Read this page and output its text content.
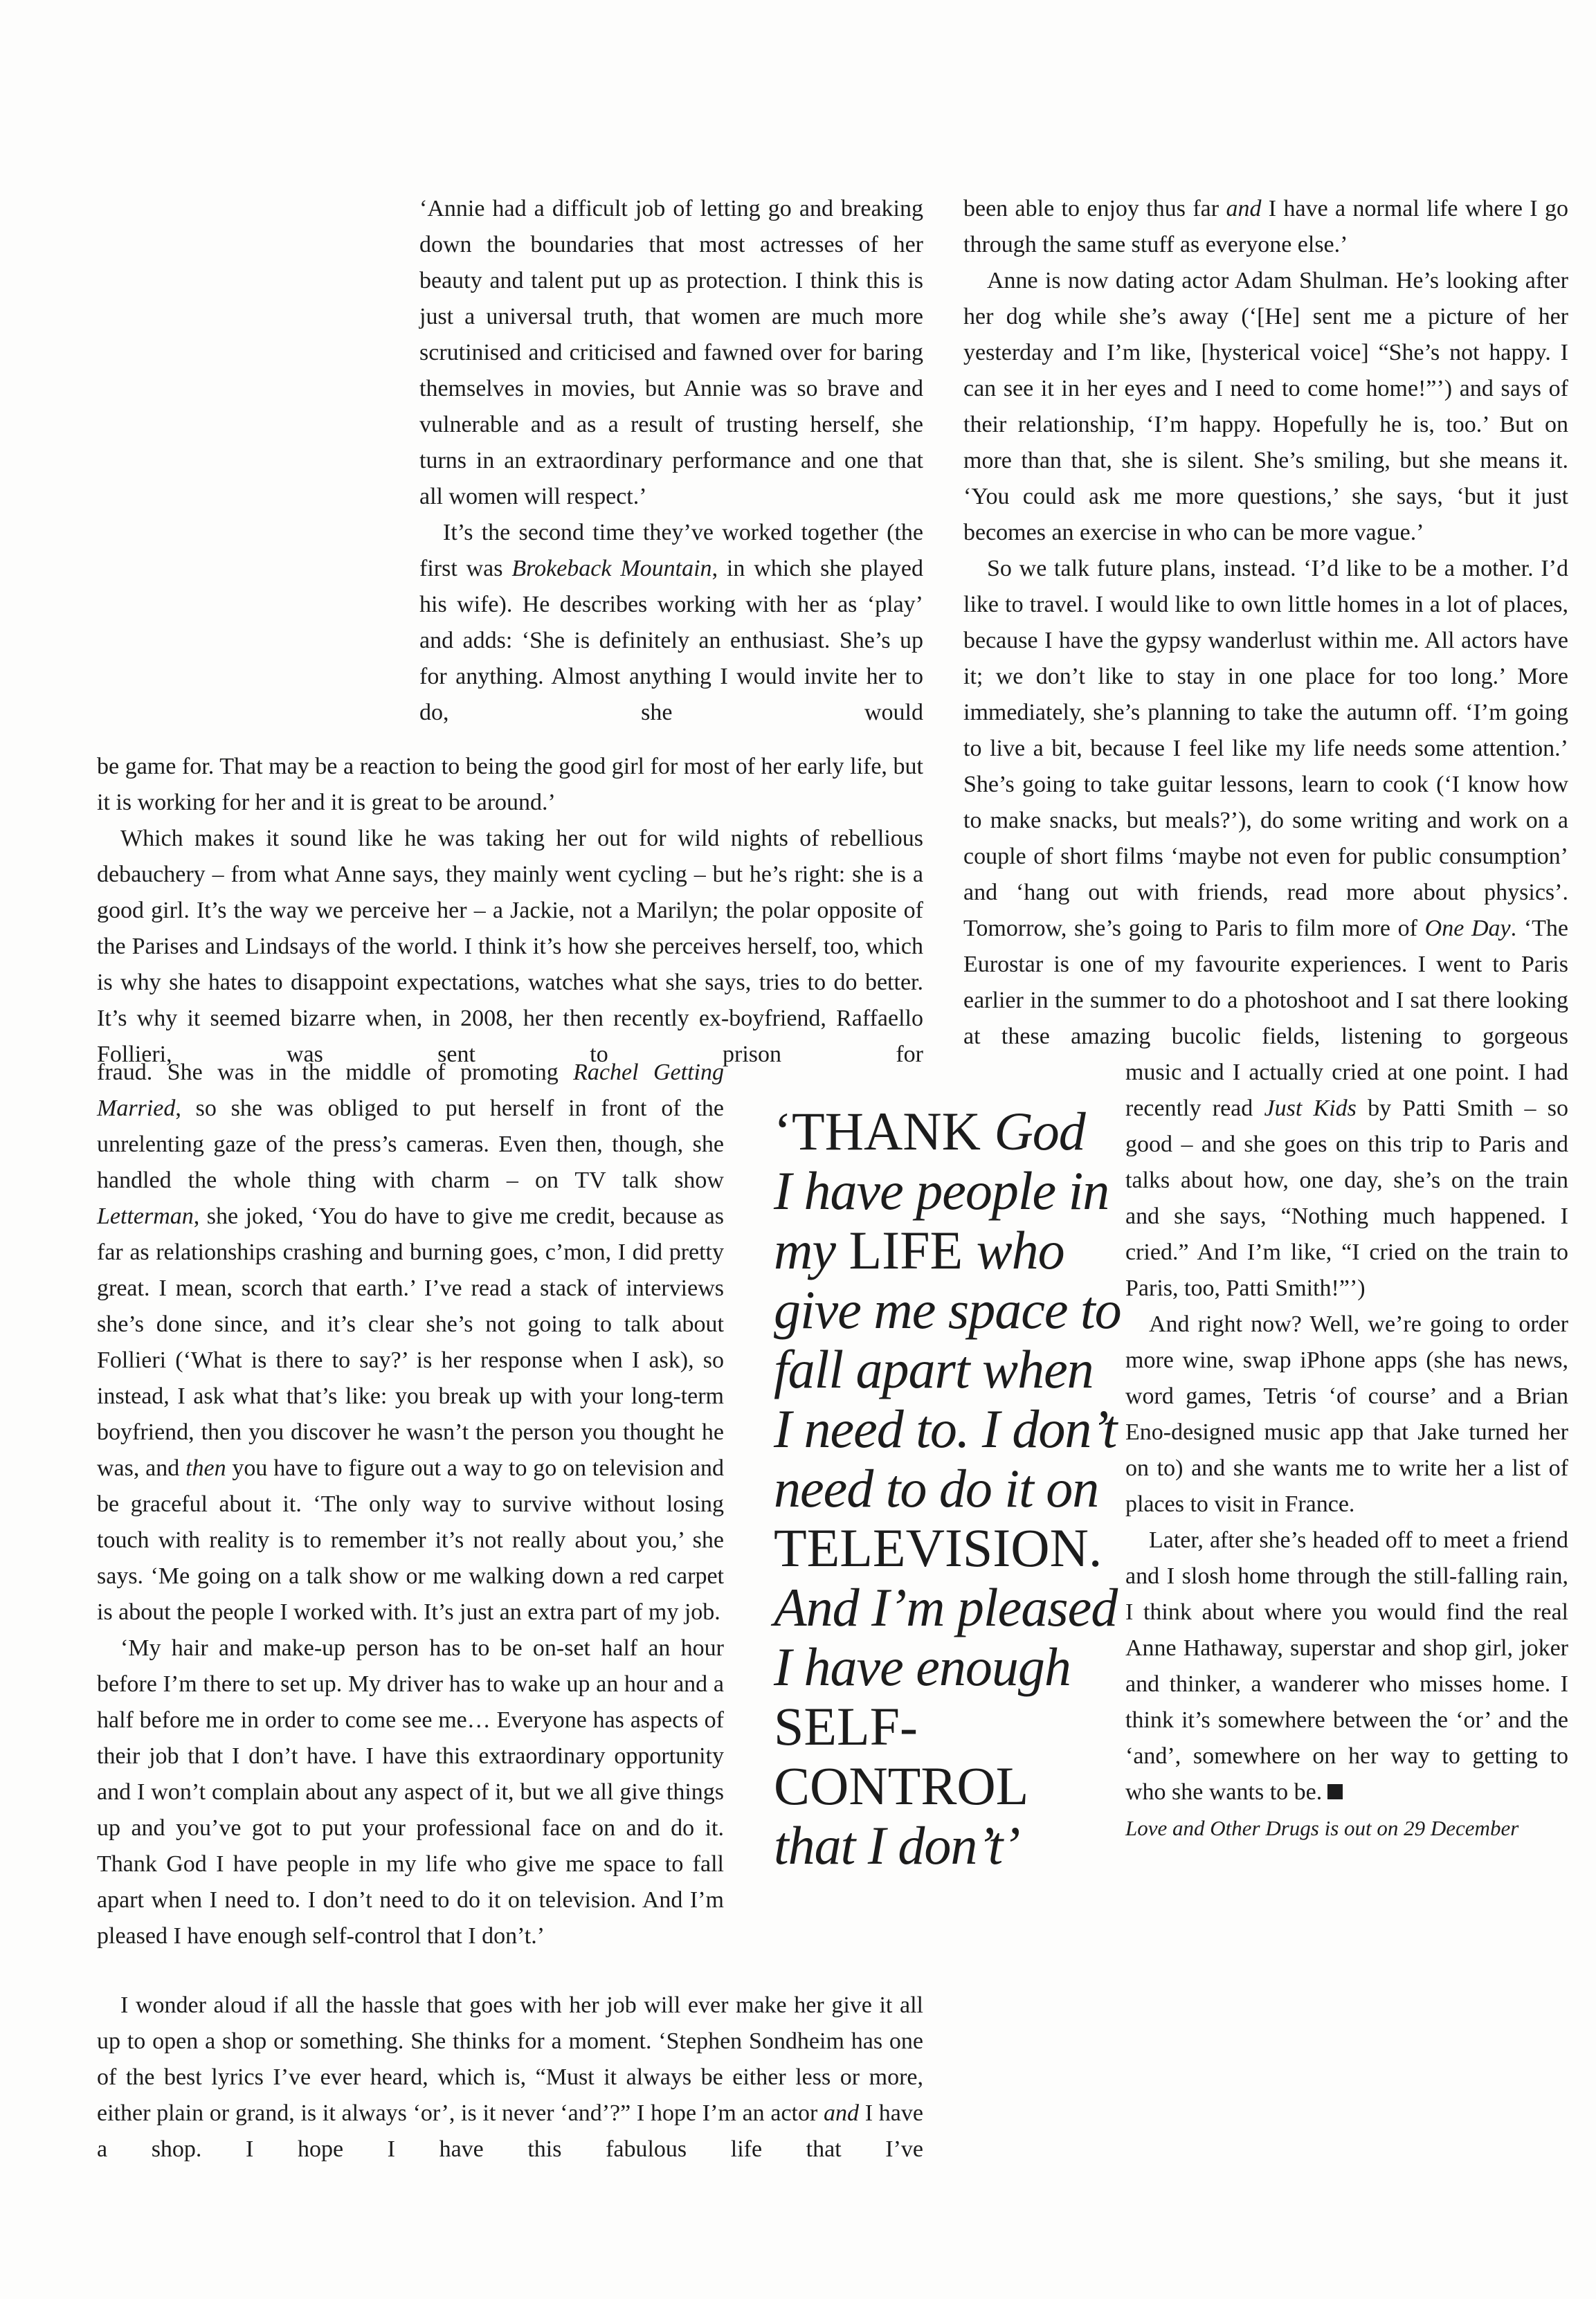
‘Annie had a difficult job of letting go and breaking down the boundaries that most actresses of her beauty and talent put up as protection. I think this is just a universal truth, that women are much more scrutinised and criticised and fawned over for baring themselves in movies, but Annie was so brave and vulnerable and as a result of trusting herself, she turns in an extraordinary performance and one that all women will respect.’

It’s the second time they’ve worked together (the first was Brokeback Mountain, in which she played his wife). He describes working with her as ‘play’ and adds: ‘She is definitely an enthusiast. She’s up for anything. Almost anything I would invite her to do, she would

be game for. That may be a reaction to being the good girl for most of her early life, but it is working for her and it is great to be around.’

Which makes it sound like he was taking her out for wild nights of rebellious debauchery – from what Anne says, they mainly went cycling – but he’s right: she is a good girl. It’s the way we perceive her – a Jackie, not a Marilyn; the polar opposite of the Parises and Lindsays of the world. I think it’s how she perceives herself, too, which is why she hates to disappoint expectations, watches what she says, tries to do better. It’s why it seemed bizarre when, in 2008, her then recently ex-boyfriend, Raffaello Follieri, was sent to prison for

fraud. She was in the middle of promoting Rachel Getting Married, so she was obliged to put herself in front of the unrelenting gaze of the press’s cameras. Even then, though, she handled the whole thing with charm – on TV talk show Letterman, she joked, ‘You do have to give me credit, because as far as relationships crashing and burning goes, c’mon, I did pretty great. I mean, scorch that earth.’ I’ve read a stack of interviews she’s done since, and it’s clear she’s not going to talk about Follieri (‘What is there to say?’ is her response when I ask), so instead, I ask what that’s like: you break up with your long-term boyfriend, then you discover he wasn’t the person you thought he was, and then you have to figure out a way to go on television and be graceful about it. ‘The only way to survive without losing touch with reality is to remember it’s not really about you,’ she says. ‘Me going on a talk show or me walking down a red carpet is about the people I worked with. It’s just an extra part of my job.

‘My hair and make-up person has to be on-set half an hour before I’m there to set up. My driver has to wake up an hour and a half before me in order to come see me… Everyone has aspects of their job that I don’t have. I have this extraordinary opportunity and I won’t complain about any aspect of it, but we all give things up and you’ve got to put your professional face on and do it. Thank God I have people in my life who give me space to fall apart when I need to. I don’t need to do it on television. And I’m pleased I have enough self-control that I don’t.’

I wonder aloud if all the hassle that goes with her job will ever make her give it all up to open a shop or something. She thinks for a moment. ‘Stephen Sondheim has one of the best lyrics I’ve ever heard, which is, “Must it always be either less or more, either plain or grand, is it always ‘or’, is it never ‘and’?” I hope I’m an actor and I have a shop. I hope I have this fabulous life that I’ve

been able to enjoy thus far and I have a normal life where I go through the same stuff as everyone else.’

Anne is now dating actor Adam Shulman. He’s looking after her dog while she’s away (‘[He] sent me a picture of her yesterday and I’m like, [hysterical voice] “She’s not happy. I can see it in her eyes and I need to come home!”’) and says of their relationship, ‘I’m happy. Hopefully he is, too.’ But on more than that, she is silent. She’s smiling, but she means it. ‘You could ask me more questions,’ she says, ‘but it just becomes an exercise in who can be more vague.’

So we talk future plans, instead. ‘I’d like to be a mother. I’d like to travel. I would like to own little homes in a lot of places, because I have the gypsy wanderlust within me. All actors have it; we don’t like to stay in one place for too long.’ More immediately, she’s planning to take the autumn off. ‘I’m going to live a bit, because I feel like my life needs some attention.’ She’s going to take guitar lessons, learn to cook (‘I know how to make snacks, but meals?’), do some writing and work on a couple of short films ‘maybe not even for public consumption’ and ‘hang out with friends, read more about physics’. Tomorrow, she’s going to Paris to film more of One Day. ‘The Eurostar is one of my favourite experiences. I went to Paris earlier in the summer to do a photoshoot and I sat there looking at these amazing bucolic fields, listening to gorgeous

music and I actually cried at one point. I had recently read Just Kids by Patti Smith – so good – and she goes on this trip to Paris and talks about how, one day, she’s on the train and she says, “Nothing much happened. I cried.” And I’m like, “I cried on the train to Paris, too, Patti Smith!”’)

And right now? Well, we’re going to order more wine, swap iPhone apps (she has news, word games, Tetris ‘of course’ and a Brian Eno-designed music app that Jake turned her on to) and she wants me to write her a list of places to visit in France.

Later, after she’s headed off to meet a friend and I slosh home through the still-falling rain, I think about where you would find the real Anne Hathaway, superstar and shop girl, joker and thinker, a wanderer who misses home. I think it’s somewhere between the ‘or’ and the ‘and’, somewhere on her way to getting to who she wants to be.

Love and Other Drugs is out on 29 December

‘THANK God
I have people in
my LIFE who
give me space to
fall apart when
I need to. I don’t
need to do it on
TELEVISION.
And I’m pleased
I have enough
SELF-
CONTROL
that I don’t’
